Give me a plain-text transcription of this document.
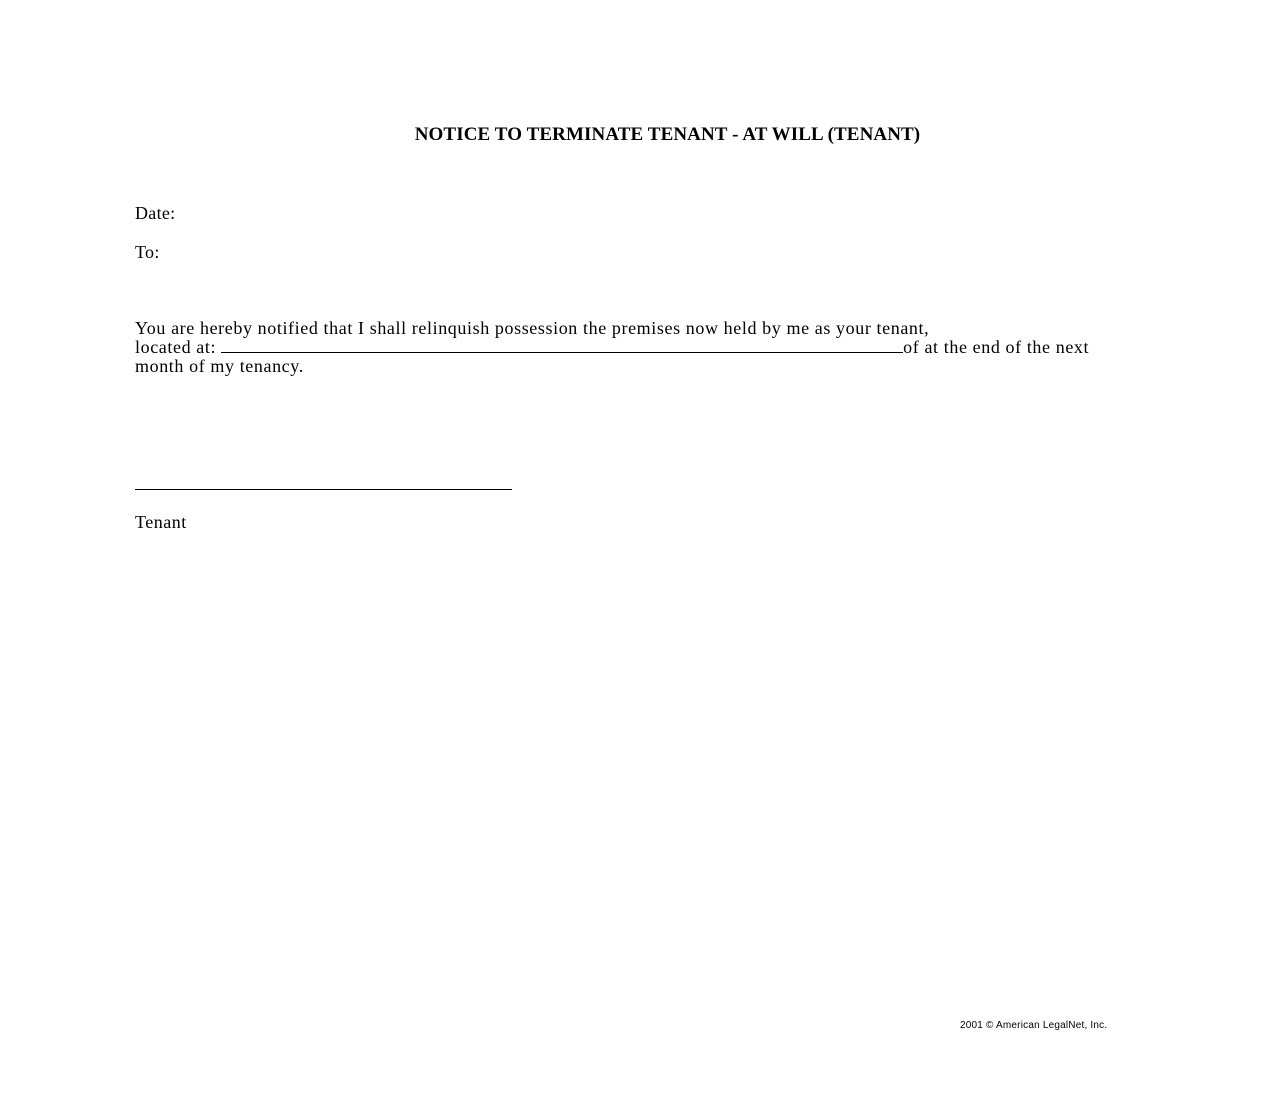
NOTICE TO TERMINATE TENANT - AT WILL (TENANT)
Date:
To:
You are hereby notified that I shall relinquish possession the premises now held by me as your tenant,
located at:	of at the end of the next
month of my tenancy.
Tenant
2001 © American LegalNet, Inc.
